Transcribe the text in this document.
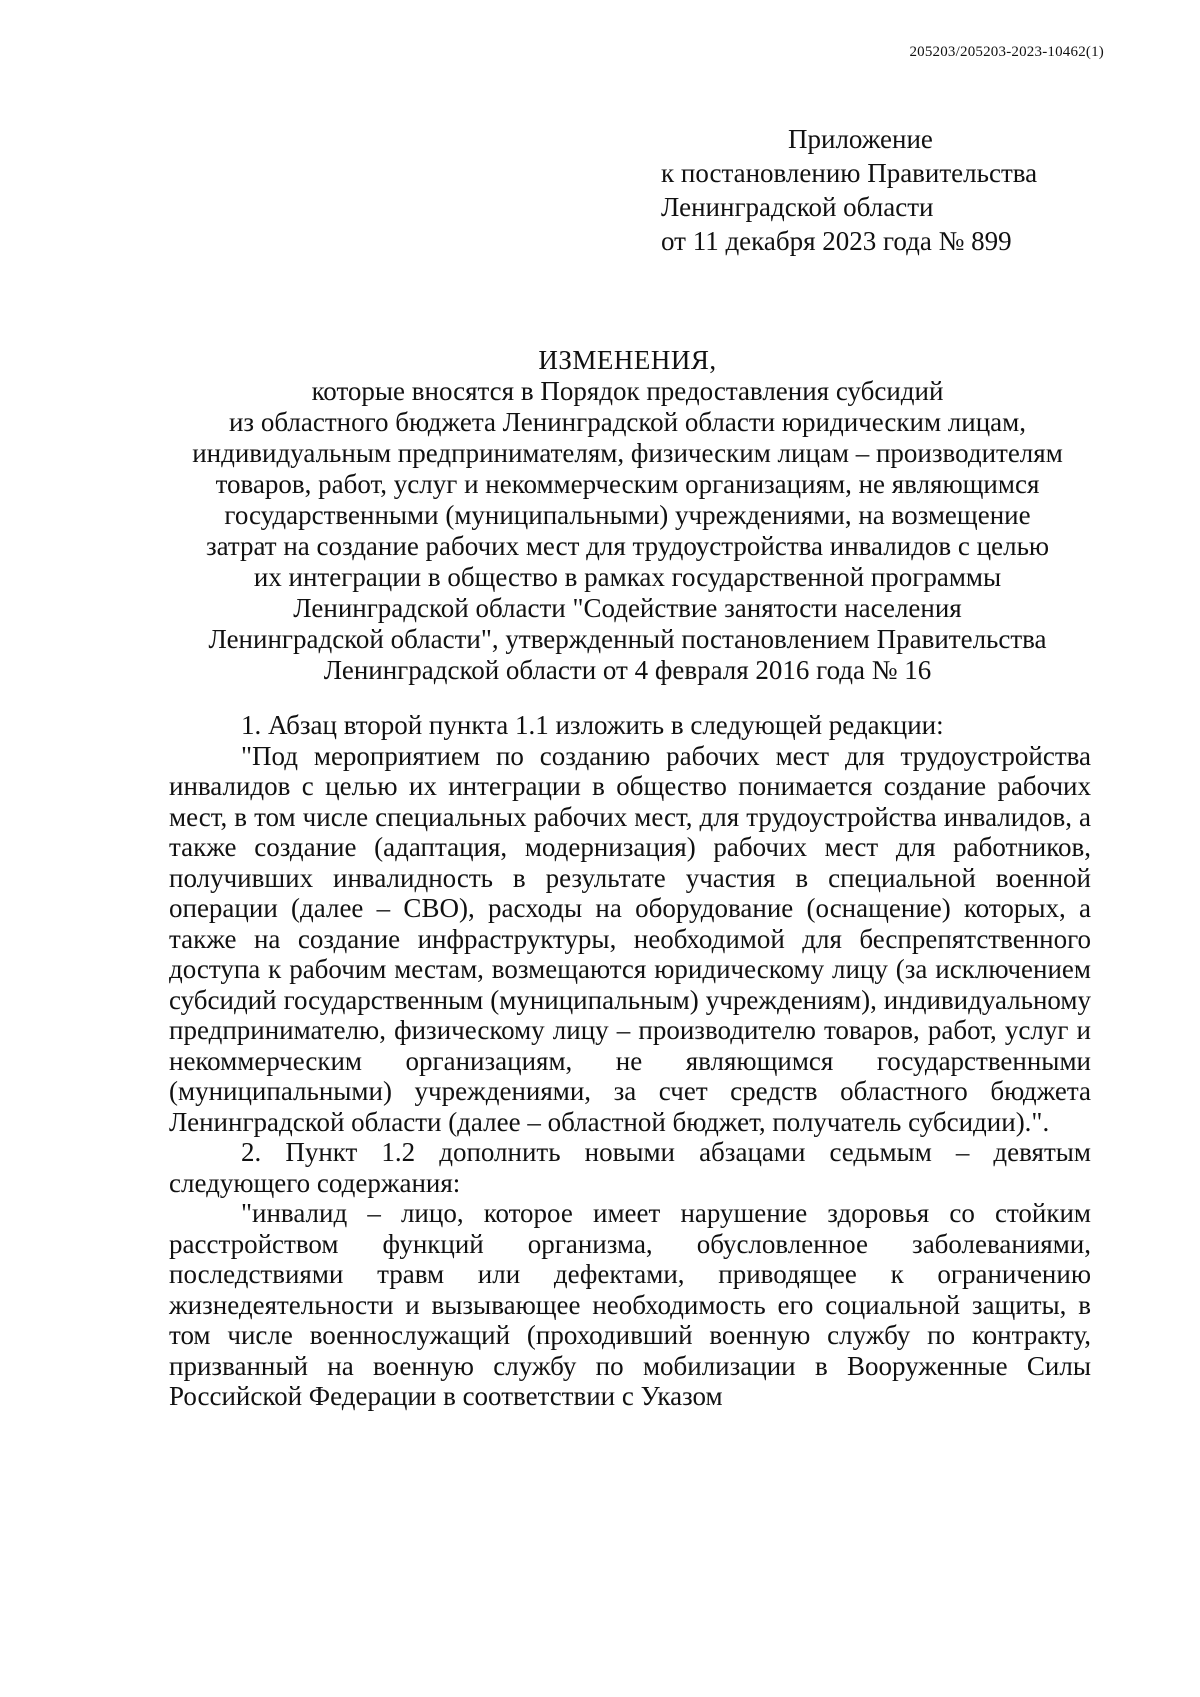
205203/205203-2023-10462(1)
Приложение
к постановлению Правительства
Ленинградской области
от 11 декабря 2023 года № 899
ИЗМЕНЕНИЯ,
которые вносятся в Порядок предоставления субсидий
из областного бюджета Ленинградской области юридическим лицам,
индивидуальным предпринимателям, физическим лицам – производителям
товаров, работ, услуг и некоммерческим организациям, не являющимся
государственными (муниципальными) учреждениями, на возмещение
затрат на создание рабочих мест для трудоустройства инвалидов с целью
их интеграции в общество в рамках государственной программы
Ленинградской области "Содействие занятости населения
Ленинградской области", утвержденный постановлением Правительства
Ленинградской области от 4 февраля 2016 года № 16

1. Абзац второй пункта 1.1 изложить в следующей редакции:

"Под мероприятием по созданию рабочих мест для трудоустройства инвалидов с целью их интеграции в общество понимается создание рабочих мест, в том числе специальных рабочих мест, для трудоустройства инвалидов, а также создание (адаптация, модернизация) рабочих мест для работников, получивших инвалидность в результате участия в специальной военной операции (далее – СВО), расходы на оборудование (оснащение) которых, а также на создание инфраструктуры, необходимой для беспрепятственного доступа к рабочим местам, возмещаются юридическому лицу (за исключением субсидий государственным (муниципальным) учреждениям), индивидуальному предпринимателю, физическому лицу – производителю товаров, работ, услуг и некоммерческим организациям, не являющимся государственными (муниципальными) учреждениями, за счет средств областного бюджета Ленинградской области (далее – областной бюджет, получатель субсидии).".

2. Пункт 1.2 дополнить новыми абзацами седьмым – девятым следующего содержания:

"инвалид – лицо, которое имеет нарушение здоровья со стойким расстройством функций организма, обусловленное заболеваниями, последствиями травм или дефектами, приводящее к ограничению жизнедеятельности и вызывающее необходимость его социальной защиты, в том числе военнослужащий (проходивший военную службу по контракту, призванный на военную службу по мобилизации в Вооруженные Силы Российской Федерации в соответствии с Указом
